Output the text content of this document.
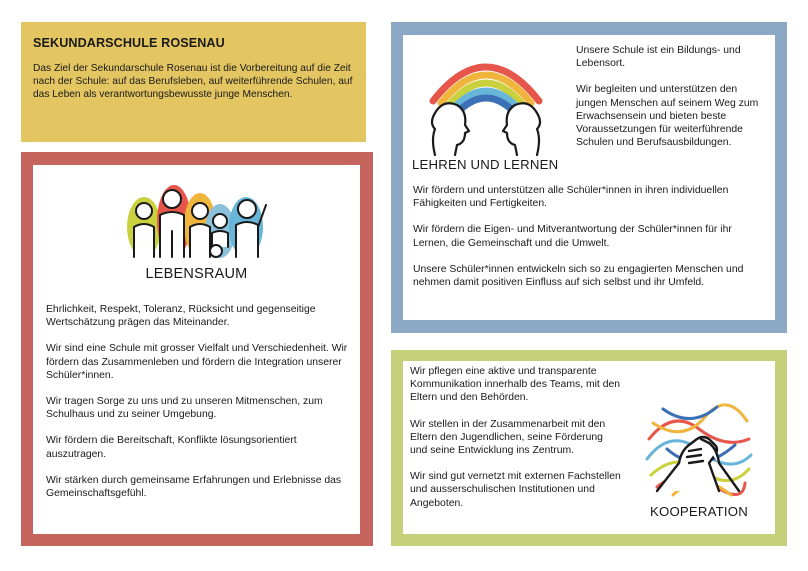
SEKUNDARSCHULE ROSENAU

Das Ziel der Sekundarschule Rosenau ist die Vorbereitung auf die Zeit nach der Schule: auf das Berufsleben, auf weiterführende Schulen, auf das Leben als verantwortungsbewusste junge Menschen.

LEBENSRAUM

Ehrlichkeit, Respekt, Toleranz, Rücksicht und gegenseitige Wertschätzung prägen das Miteinander.

Wir sind eine Schule mit grosser Vielfalt und Verschiedenheit. Wir fördern das Zusammenleben und fördern die Integration unserer Schüler*innen.

Wir tragen Sorge zu uns und zu unseren Mitmenschen, zum Schulhaus und zu seiner Umgebung.

Wir fördern die Bereitschaft, Konflikte lösungsorientiert auszutragen.

Wir stärken durch gemeinsame Erfahrungen und Erlebnisse das Gemeinschaftsgefühl.

Unsere Schule ist ein Bildungs- und Lebensort.

Wir begleiten und unterstützen den jungen Menschen auf seinem Weg zum Erwachsensein und bieten beste Voraussetzungen für weiterführende Schulen und Berufsausbildungen.

LEHREN UND LERNEN

Wir fördern und unterstützen alle Schüler*innen in ihren individuellen Fähigkeiten und Fertigkeiten.

Wir fördern die Eigen- und Mitverantwortung der Schüler*innen für ihr Lernen, die Gemeinschaft und die Umwelt.

Unsere Schüler*innen entwickeln sich so zu engagierten Menschen und nehmen damit positiven Einfluss auf sich selbst und ihr Umfeld.

Wir pflegen eine aktive und transparente Kommunikation innerhalb des Teams, mit den Eltern und den Behörden.

Wir stellen in der Zusammenarbeit mit den Eltern den Jugendlichen, seine Förderung und seine Entwicklung ins Zentrum.

Wir sind gut vernetzt mit externen Fachstellen und ausserschulischen Institutionen und Angeboten.

KOOPERATION
